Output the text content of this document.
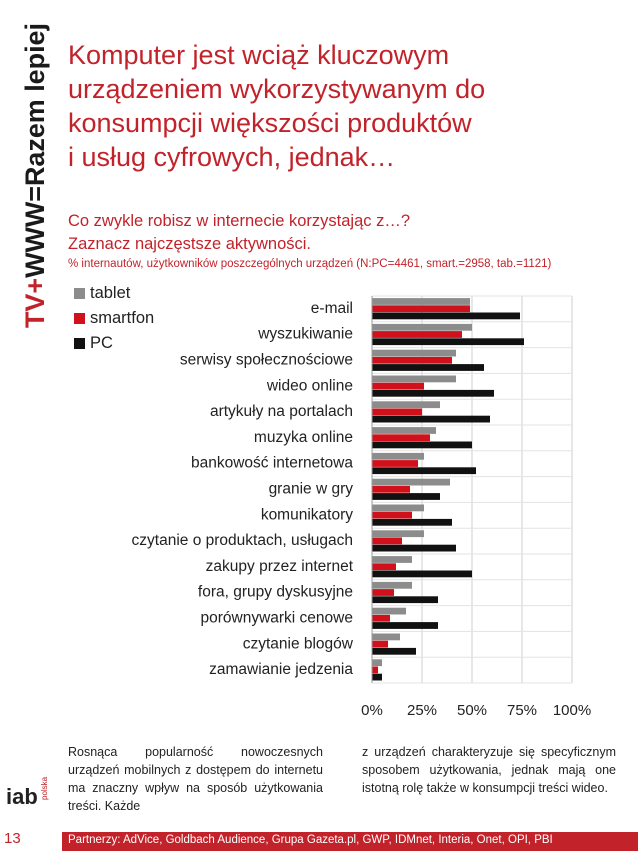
TV+WWW=Razem lepiej Komputer jest wciąż kluczowym
urządzeniem wykorzystywanym do
konsumpcji większości produktów
i usług cyfrowych, jednak…

Co zwykle robisz w internecie korzystając z…?
Zaznacz najczęstsze aktywności.

% internautów, użytkowników poszczególnych urządzeń (N:PC=4461, smart.=2958, tab.=1121)

0% 25% 50% 75% 100%
e-mail
wyszukiwanie
serwisy społecznościowe
wideo online
artykuły na portalach
muzyka online
bankowość internetowa
granie w gry
komunikatory
czytanie o produktach, usługach
zakupy przez internet
fora, grupy dyskusyjne
porównywarki cenowe
czytanie blogów
zamawianie jedzenia
tablet
smartfon
PC

Rosnąca popularność nowoczesnych urządzeń mobilnych z dostępem do internetu ma znaczny wpływ na sposób użytkowania treści. Każde

z urządzeń charakteryzuje się specyficznym sposobem użytkowania, jednak mają one istotną rolę także w konsumpcji treści wideo.

iab polska
13	Partnerzy: AdVice, Goldbach Audience, Grupa Gazeta.pl, GWP, IDMnet, Interia, Onet, OPI, PBI
